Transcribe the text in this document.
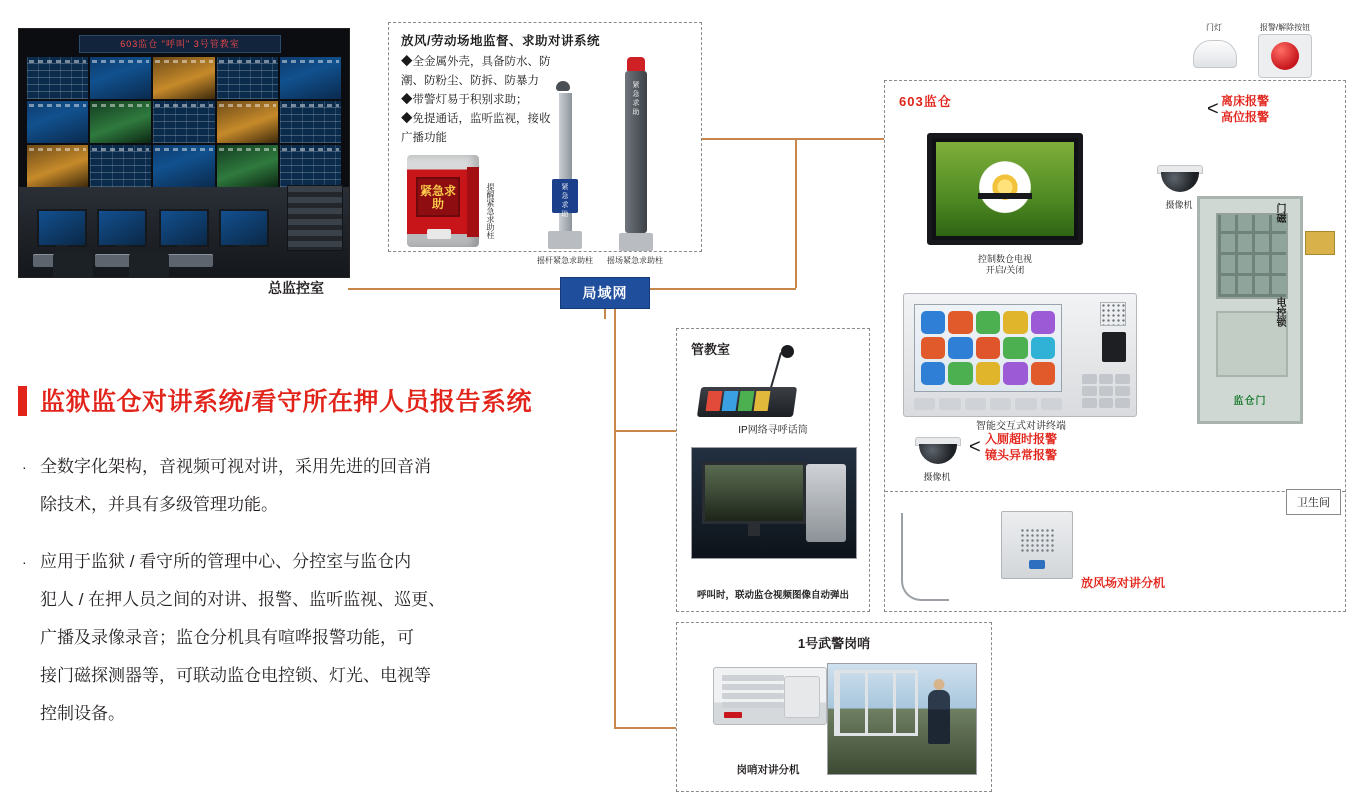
603监仓 "呼叫" 3号管教室
总监控室
放风/劳动场地监督、求助对讲系统
◆全金属外壳，具备防水、防潮、防粉尘、防拆、防暴力
◆带警灯易于积别求助；
◆免提通话，监听监视，接收广播功能
紧急求助	提醒紧急求助柱	紧急求助
摇杆紧急求助柱
紧急求助
摇场紧急求助柱
局域网
门灯	报警/解除按钮
603监仓
控制数仓电视
开启/关闭
摄像机
< 离床报警
高位报警
智能交互式对讲终端
摄像机
< 入厕超时报警
镜头异常报警
监仓门
门磁
电控锁
卫生间
放风场对讲分机
管教室
IP网络寻呼话筒
呼叫时，联动监仓视频图像自动弹出
1号武警岗哨
岗哨对讲分机
监狱监仓对讲系统/看守所在押人员报告系统
· 全数字化架构，音视频可视对讲，采用先进的回音消
除技术，并具有多级管理功能。
· 应用于监狱 / 看守所的管理中心、分控室与监仓内
犯人 / 在押人员之间的对讲、报警、监听监视、巡更、
广播及录像录音；监仓分机具有喧哗报警功能，可
接门磁探测器等，可联动监仓电控锁、灯光、电视等
控制设备。
